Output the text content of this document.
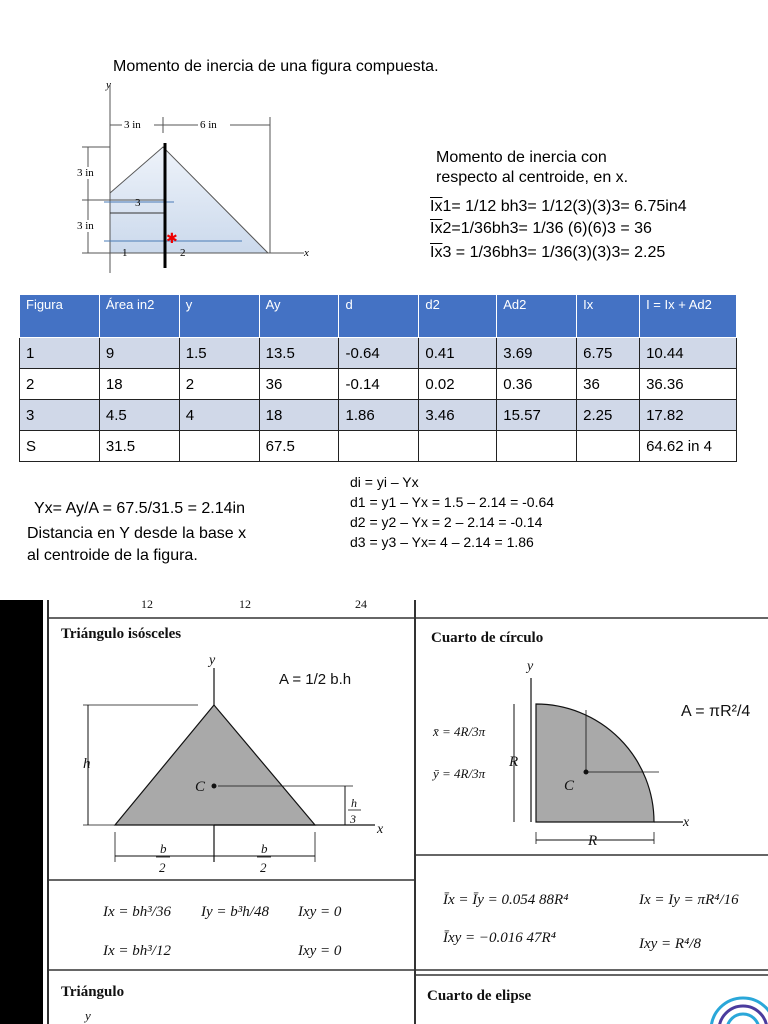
Momento de inercia de una figura compuesta.
y
x
✱
3 in	6 in
3 in
3 in
1	2
3
Momento de inercia con
respecto al centroide, en x.
$\overline{Ix}1= 1/12$ bh3= 1/12(3)(3)3= 6.75in4
$\overline{Ix}2=1/36bh3= 1/36$ (6)(6)3 = 36
$\overline{Ix}3 = 1/36bh3= 1/36(3)(3)3= 2.25$
Figura	Área in2	y	Ay	d	d2	Ad2	Ix	I = Ix + Ad2
1	9	1.5	13.5	-0.64	0.41	3.69	6.75	10.44
2	18	2	36	-0.14	0.02	0.36	36	36.36
3	4.5	4	18	1.86	3.46	15.57	2.25	17.82
S	31.5		67.5					64.62 in 4
Yx= Ay/A = 67.5/31.5 = 2.14in
Distancia en Y desde la base x
al centroide de la figura.
di = yi – Yx
d1 = y1 – Yx = 1.5 – 2.14 = -0.64
d2 = y2 – Yx = 2 – 2.14 = -0.14
d3 = y3 – Yx= 4 – 2.14 = 1.86
12	12	24
Triángulo isósceles
A = 1/2 b.h
y
x
h
C
h
3
b
2
b
2
Ix = bh³/36 Iy = b³h/48 Ixy = 0
Ix = bh³/12	Ixy = 0
Cuarto de círculo
y
x
C
A = πR²/4
x̄ = 4R/3π
ȳ = 4R/3π
R
R
Īx = Īy = 0.054 88R⁴	Ix = Iy = πR⁴/16
Īxy = −0.016 47R⁴	Ixy = R⁴/8
Triángulo
y
Cuarto de elipse
